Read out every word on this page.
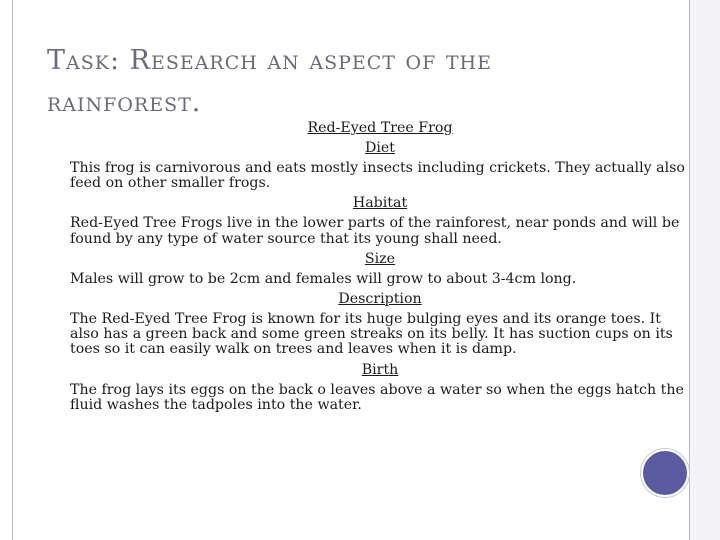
Task: Research an aspect of the rainforest.

Red-Eyed Tree Frog

Diet

This frog is carnivorous and eats mostly insects including crickets. They actually also feed on other smaller frogs.

Habitat

Red-Eyed Tree Frogs live in the lower parts of the rainforest, near ponds and will be found by any type of water source that its young shall need.

Size

Males will grow to be 2cm and females will grow to about 3-4cm long.

Description

The Red-Eyed Tree Frog is known for its huge bulging eyes and its orange toes. It also has a green back and some green streaks on its belly. It has suction cups on its toes so it can easily walk on trees and leaves when it is damp.

Birth

The frog lays its eggs on the back o leaves above a water so when the eggs hatch the fluid washes the tadpoles into the water.
